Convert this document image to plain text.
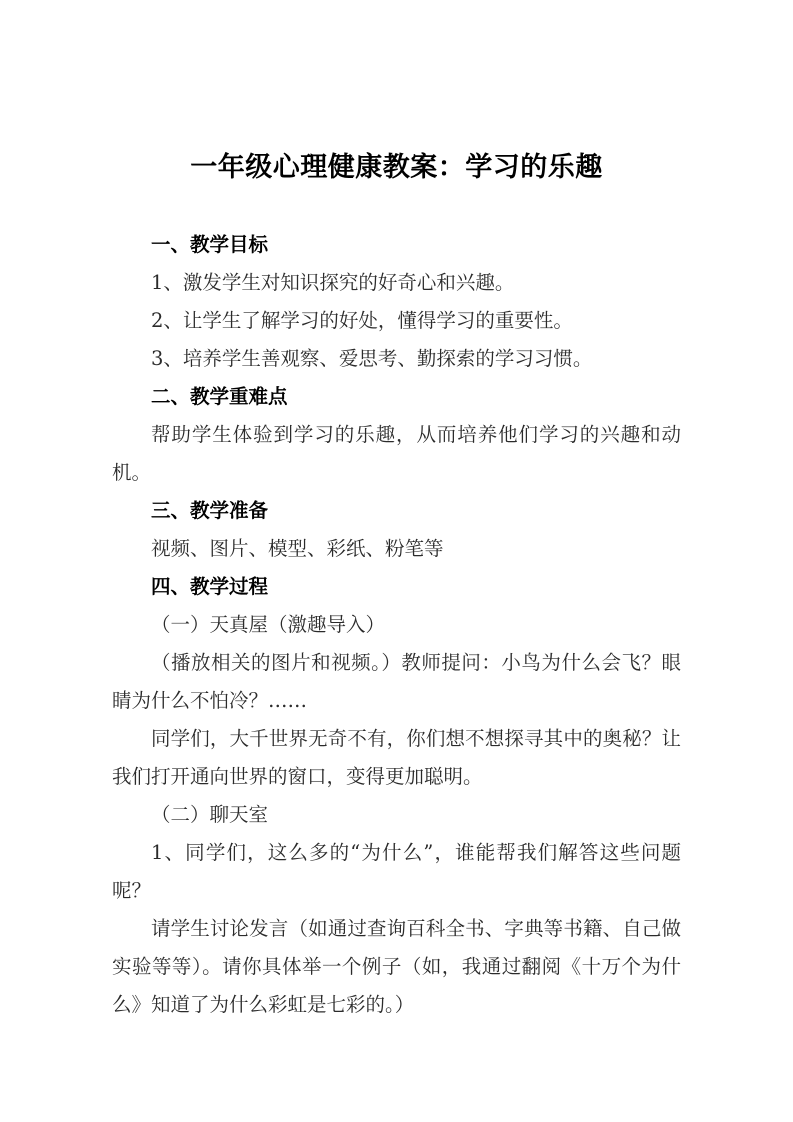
一年级心理健康教案：学习的乐趣

一、教学目标

1、激发学生对知识探究的好奇心和兴趣。

2、让学生了解学习的好处，懂得学习的重要性。

3、培养学生善观察、爱思考、勤探索的学习习惯。

二、教学重难点

帮助学生体验到学习的乐趣，从而培养他们学习的兴趣和动机。

三、教学准备

视频、图片、模型、彩纸、粉笔等

四、教学过程

（一）天真屋（激趣导入）

（播放相关的图片和视频。）教师提问：小鸟为什么会飞？眼睛为什么不怕冷？……

同学们，大千世界无奇不有，你们想不想探寻其中的奥秘？让我们打开通向世界的窗口，变得更加聪明。

（二）聊天室

1、同学们，这么多的“为什么”，谁能帮我们解答这些问题呢？

请学生讨论发言（如通过查询百科全书、字典等书籍、自己做实验等等）。请你具体举一个例子（如，我通过翻阅《十万个为什么》知道了为什么彩虹是七彩的。）
